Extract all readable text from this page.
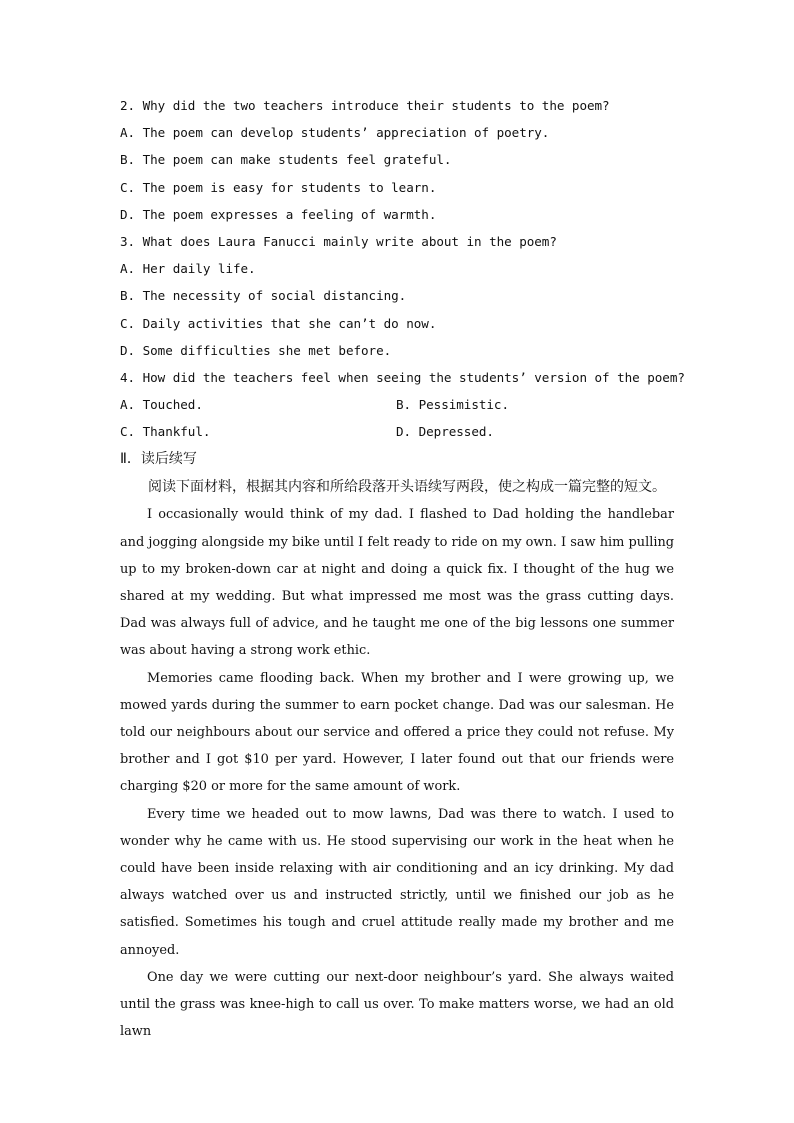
2. Why did the two teachers introduce their students to the poem?
A. The poem can develop students’ appreciation of poetry.
B. The poem can make students feel grateful.
C. The poem is easy for students to learn.
D. The poem expresses a feeling of warmth.
3. What does Laura Fanucci mainly write about in the poem?
A. Her daily life.
B. The necessity of social distancing.
C. Daily activities that she can’t do now.
D. Some difficulties she met before.
4. How did the teachers feel when seeing the students’ version of the poem?
A. Touched.	B. Pessimistic.
C. Thankful.	D. Depressed.
Ⅱ．读后续写
阅读下面材料，根据其内容和所给段落开头语续写两段，使之构成一篇完整的短文。
I occasionally would think of my dad. I flashed to Dad holding the handlebar and jogging alongside my bike until I felt ready to ride on my own. I saw him pulling up to my broken-down car at night and doing a quick fix. I thought of the hug we shared at my wedding. But what impressed me most was the grass cutting days. Dad was always full of advice, and he taught me one of the big lessons one summer was about having a strong work ethic.
Memories came flooding back. When my brother and I were growing up, we mowed yards during the summer to earn pocket change. Dad was our salesman. He told our neighbours about our service and offered a price they could not refuse. My brother and I got $10 per yard. However, I later found out that our friends were charging $20 or more for the same amount of work.
Every time we headed out to mow lawns, Dad was there to watch. I used to wonder why he came with us. He stood supervising our work in the heat when he could have been inside relaxing with air conditioning and an icy drinking. My dad always watched over us and instructed strictly, until we finished our job as he satisfied. Sometimes his tough and cruel attitude really made my brother and me annoyed.
One day we were cutting our next-door neighbour’s yard. She always waited until the grass was knee-high to call us over. To make matters worse, we had an old lawn
